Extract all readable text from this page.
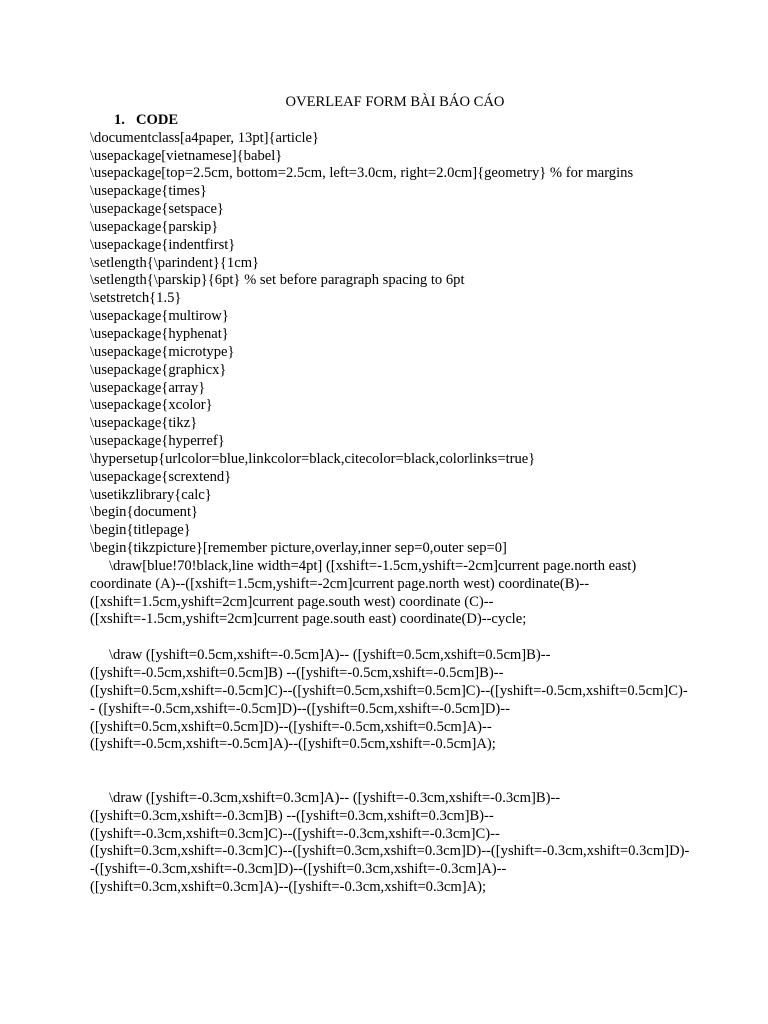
OVERLEAF FORM BÀI BÁO CÁO

1. CODE

\documentclass[a4paper, 13pt]{article}

\usepackage[vietnamese]{babel}

\usepackage[top=2.5cm, bottom=2.5cm, left=3.0cm, right=2.0cm]{geometry} % for margins

\usepackage{times}

\usepackage{setspace}

\usepackage{parskip}

\usepackage{indentfirst}

\setlength{\parindent}{1cm}

\setlength{\parskip}{6pt} % set before paragraph spacing to 6pt

\setstretch{1.5}

\usepackage{multirow}

\usepackage{hyphenat}

\usepackage{microtype}

\usepackage{graphicx}

\usepackage{array}

\usepackage{xcolor}

\usepackage{tikz}

\usepackage{hyperref}

\hypersetup{urlcolor=blue,linkcolor=black,citecolor=black,colorlinks=true}

\usepackage{scrextend}

\usetikzlibrary{calc}

\begin{document}

\begin{titlepage}

\begin{tikzpicture}[remember picture,overlay,inner sep=0,outer sep=0]

\draw[blue!70!black,line width=4pt] ([xshift=-1.5cm,yshift=-2cm]current page.north east) coordinate (A)--([xshift=1.5cm,yshift=-2cm]current page.north west) coordinate(B)--([xshift=1.5cm,yshift=2cm]current page.south west) coordinate (C)--([xshift=-1.5cm,yshift=2cm]current page.south east) coordinate(D)--cycle;

\draw ([yshift=0.5cm,xshift=-0.5cm]A)-- ([yshift=0.5cm,xshift=0.5cm]B)--

([yshift=-0.5cm,xshift=0.5cm]B) --([yshift=-0.5cm,xshift=-0.5cm]B)--([yshift=0.5cm,xshift=-0.5cm]C)--([yshift=0.5cm,xshift=0.5cm]C)--([yshift=-0.5cm,xshift=0.5cm]C)-- ([yshift=-0.5cm,xshift=-0.5cm]D)--([yshift=0.5cm,xshift=-0.5cm]D)--([yshift=0.5cm,xshift=0.5cm]D)--([yshift=-0.5cm,xshift=0.5cm]A)--([yshift=-0.5cm,xshift=-0.5cm]A)--([yshift=0.5cm,xshift=-0.5cm]A);

\draw ([yshift=-0.3cm,xshift=0.3cm]A)-- ([yshift=-0.3cm,xshift=-0.3cm]B)--

([yshift=0.3cm,xshift=-0.3cm]B) --([yshift=0.3cm,xshift=0.3cm]B)--([yshift=-0.3cm,xshift=0.3cm]C)--([yshift=-0.3cm,xshift=-0.3cm]C)--([yshift=0.3cm,xshift=-0.3cm]C)--([yshift=0.3cm,xshift=0.3cm]D)--([yshift=-0.3cm,xshift=0.3cm]D)--([yshift=-0.3cm,xshift=-0.3cm]D)--([yshift=0.3cm,xshift=-0.3cm]A)--([yshift=0.3cm,xshift=0.3cm]A)--([yshift=-0.3cm,xshift=0.3cm]A);
